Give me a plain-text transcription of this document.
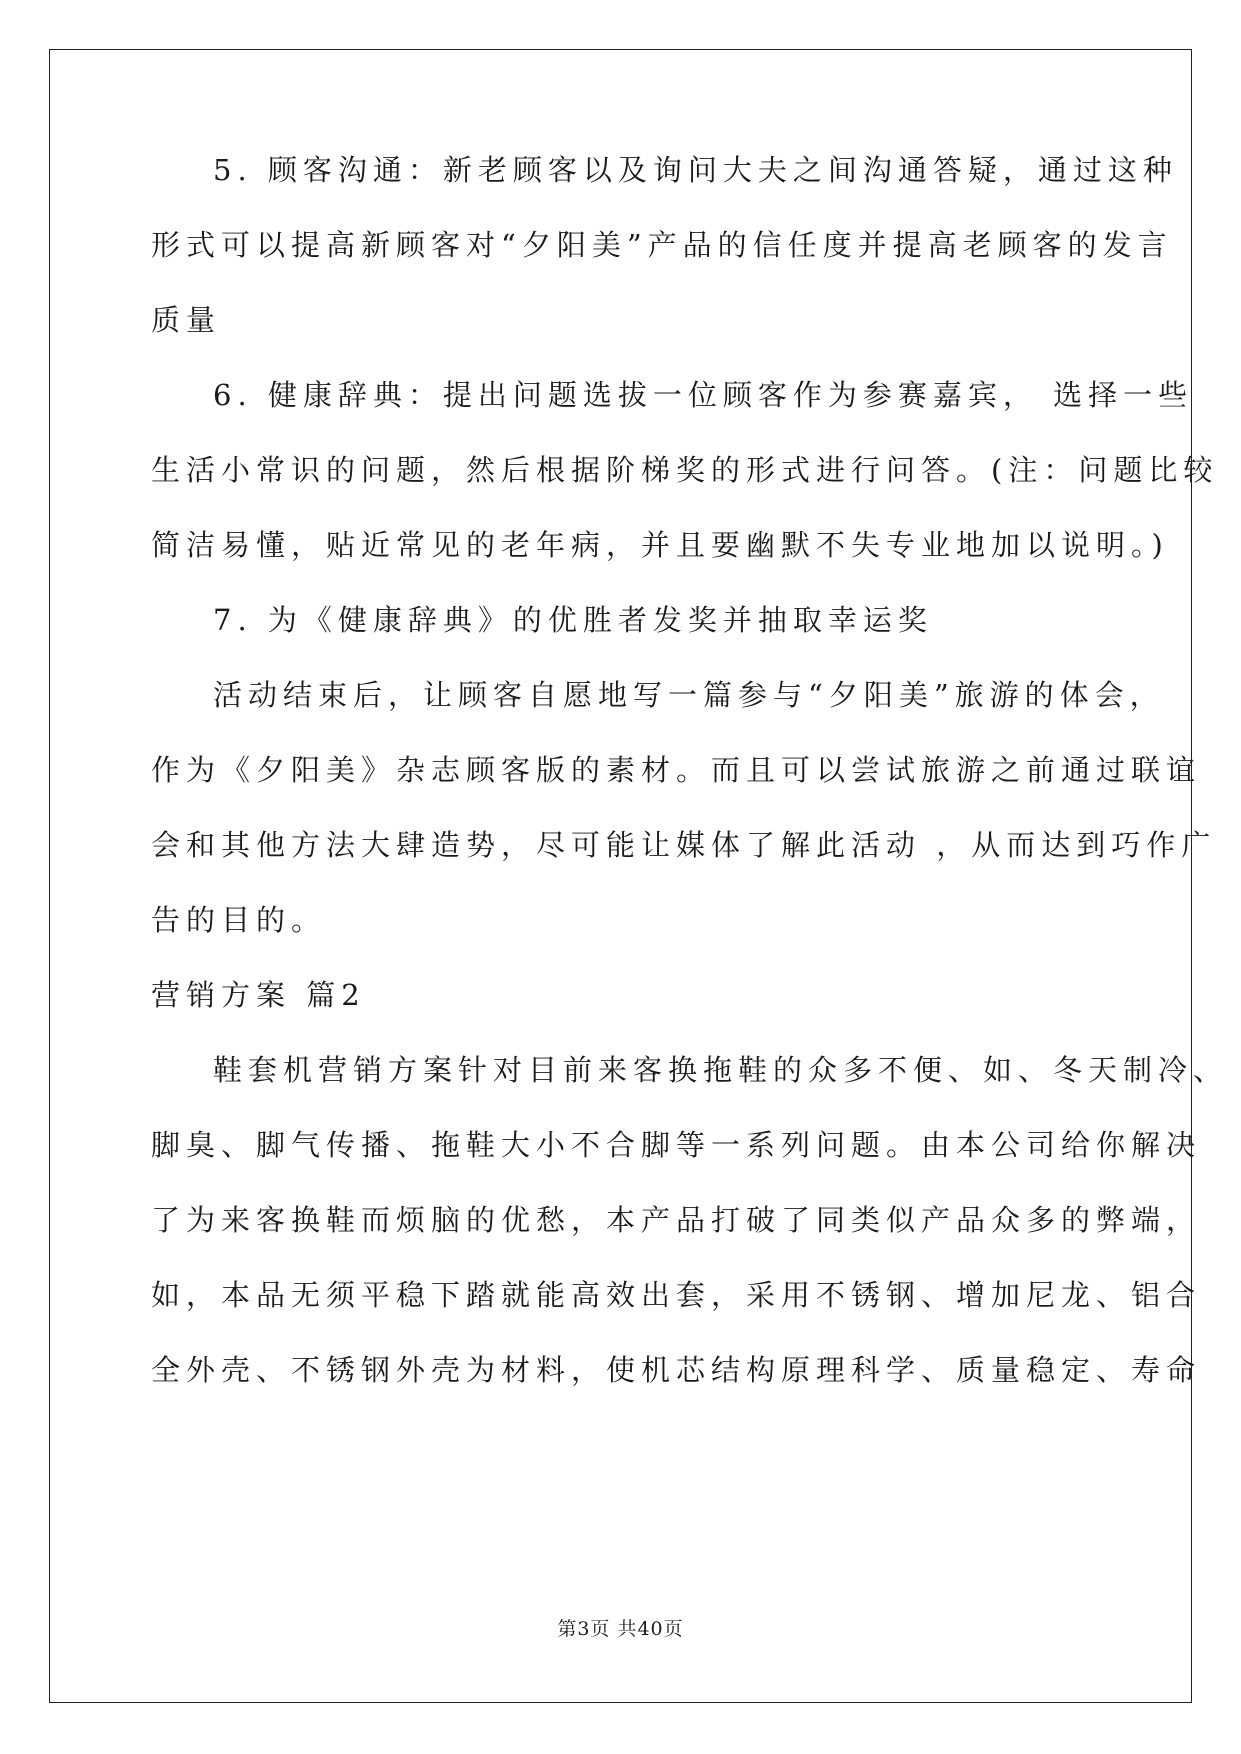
5. 顾客沟通：新老顾客以及询问大夫之间沟通答疑，通过这种
形式可以提高新顾客对“夕阳美”产品的信任度并提高老顾客的发言
质量
6. 健康辞典：提出问题选拔一位顾客作为参赛嘉宾， 选择一些
生活小常识的问题，然后根据阶梯奖的形式进行问答。(注：问题比较
简洁易懂，贴近常见的老年病，并且要幽默不失专业地加以说明。)
7. 为《健康辞典》的优胜者发奖并抽取幸运奖
活动结束后，让顾客自愿地写一篇参与“夕阳美”旅游的体会，
作为《夕阳美》杂志顾客版的素材。而且可以尝试旅游之前通过联谊
会和其他方法大肆造势，尽可能让媒体了解此活动 ，从而达到巧作广
告的目的。
营销方案 篇2
鞋套机营销方案针对目前来客换拖鞋的众多不便、如、冬天制冷、
脚臭、脚气传播、拖鞋大小不合脚等一系列问题。由本公司给你解决
了为来客换鞋而烦脑的优愁，本产品打破了同类似产品众多的弊端，
如，本品无须平稳下踏就能高效出套，采用不锈钢、增加尼龙、铝合
全外壳、不锈钢外壳为材料，使机芯结构原理科学、质量稳定、寿命
第3页 共40页
